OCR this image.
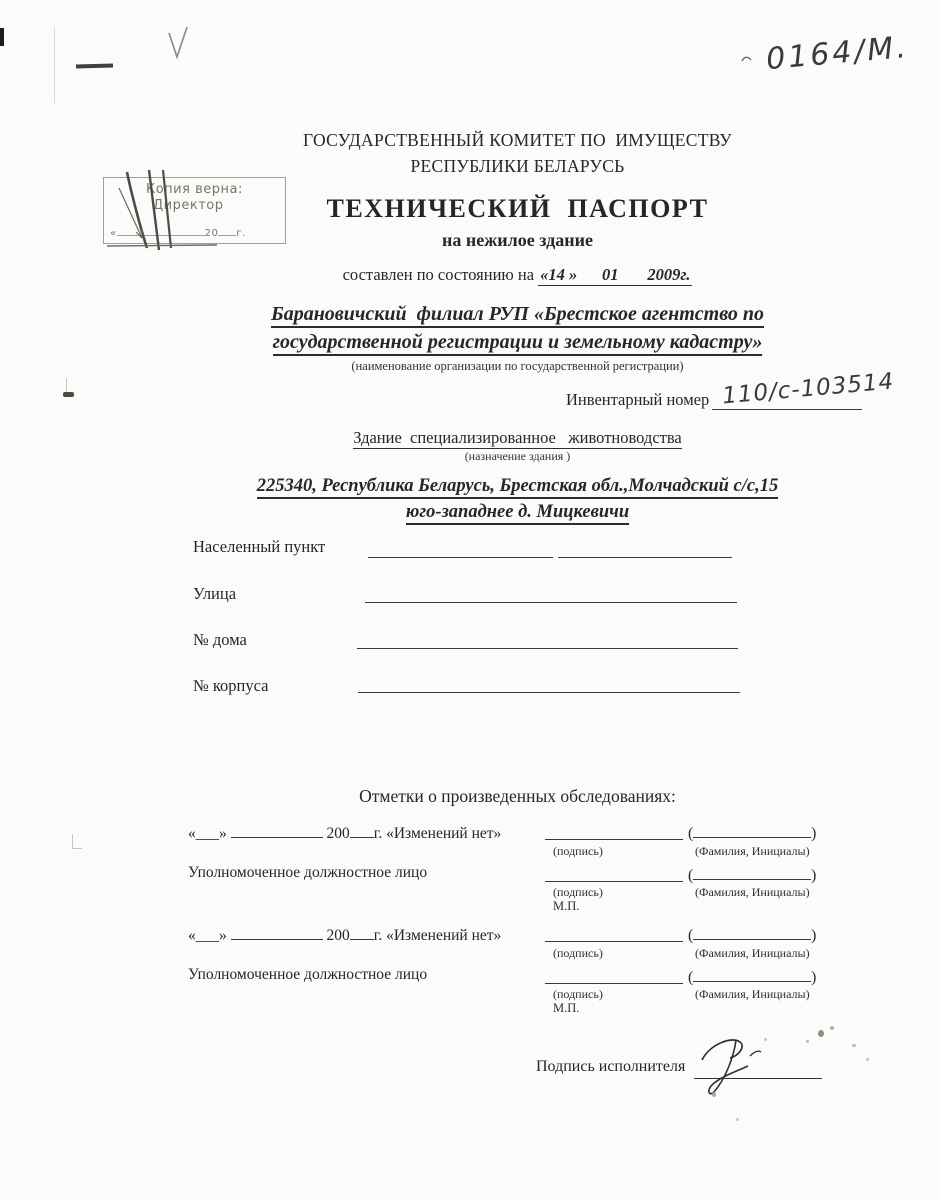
0164/М.
ГОСУДАРСТВЕННЫЙ КОМИТЕТ ПО  ИМУЩЕСТВУ
РЕСПУБЛИКИ БЕЛАРУСЬ
Копия верна:
Директор
«	20 г.
ТЕХНИЧЕСКИЙ  ПАСПОРТ
на нежилое здание
составлен по состоянию на «14 »      01       2009г.
Барановичский  филиал РУП «Брестское агентство по
государственной регистрации и земельному кадастру»
(наименование организации по государственной регистрации)
Инвентарный номер 110/с-103514
Здание  специализированное   животноводства
(назначение здания )
225340, Республика Беларусь, Брестская обл.,Молчадский с/с,15
юго-западнее д. Мицкевичи
Населенный пункт
Улица
№ дома
№ корпуса
Отметки о произведенных обследованиях:
«___»	200 г. «Изменений нет»	(	)
(подпись)	(Фамилия, Инициалы)
Уполномоченное должностное лицо	(	)
(подпись)	(Фамилия, Инициалы)
М.П.
«___»	200 г. «Изменений нет»	(	)
(подпись)	(Фамилия, Инициалы)
Уполномоченное должностное лицо	(	)
(подпись)	(Фамилия, Инициалы)
М.П.
Подпись исполнителя
